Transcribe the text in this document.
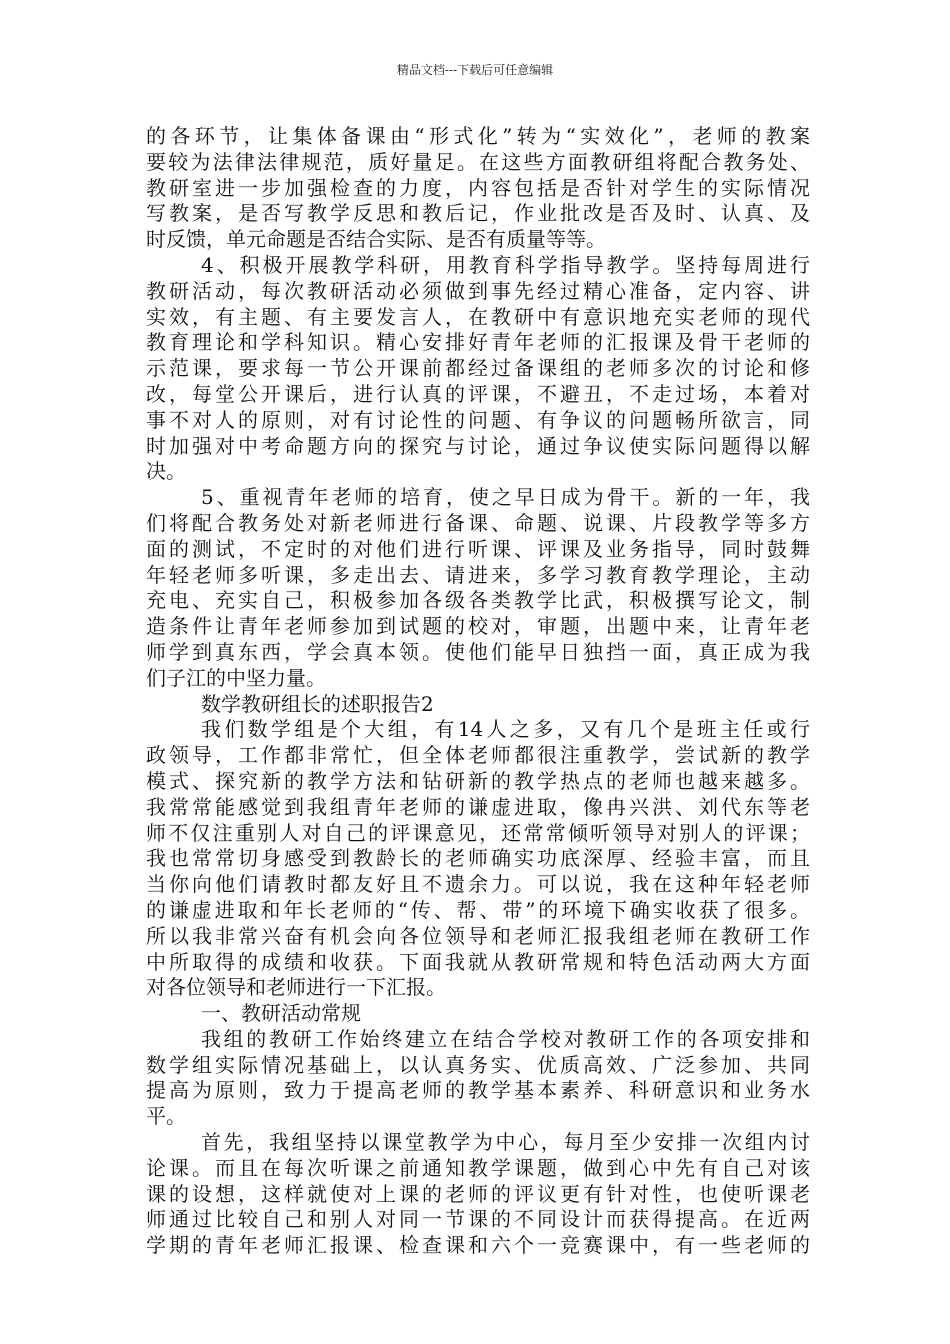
精品文档---下载后可任意编辑
的各环节，让集体备课由“形式化”转为“实效化”，老师的教案
要较为法律法律规范，质好量足。在这些方面教研组将配合教务处、
教研室进一步加强检查的力度，内容包括是否针对学生的实际情况
写教案，是否写教学反思和教后记，作业批改是否及时、认真、及
时反馈，单元命题是否结合实际、是否有质量等等。
4、积极开展教学科研，用教育科学指导教学。坚持每周进行
教研活动，每次教研活动必须做到事先经过精心准备，定内容、讲
实效，有主题、有主要发言人，在教研中有意识地充实老师的现代
教育理论和学科知识。精心安排好青年老师的汇报课及骨干老师的
示范课，要求每一节公开课前都经过备课组的老师多次的讨论和修
改，每堂公开课后，进行认真的评课，不避丑，不走过场，本着对
事不对人的原则，对有讨论性的问题、有争议的问题畅所欲言，同
时加强对中考命题方向的探究与讨论，通过争议使实际问题得以解
决。
5、重视青年老师的培育，使之早日成为骨干。新的一年，我
们将配合教务处对新老师进行备课、命题、说课、片段教学等多方
面的测试，不定时的对他们进行听课、评课及业务指导，同时鼓舞
年轻老师多听课，多走出去、请进来，多学习教育教学理论，主动
充电、充实自己，积极参加各级各类教学比武，积极撰写论文，制
造条件让青年老师参加到试题的校对，审题，出题中来，让青年老
师学到真东西，学会真本领。使他们能早日独挡一面，真正成为我
们子江的中坚力量。
数学教研组长的述职报告2
我们数学组是个大组，有14人之多，又有几个是班主任或行
政领导，工作都非常忙，但全体老师都很注重教学，尝试新的教学
模式、探究新的教学方法和钻研新的教学热点的老师也越来越多。
我常常能感觉到我组青年老师的谦虚进取，像冉兴洪、刘代东等老
师不仅注重别人对自己的评课意见，还常常倾听领导对别人的评课；
我也常常切身感受到教龄长的老师确实功底深厚、经验丰富，而且
当你向他们请教时都友好且不遗余力。可以说，我在这种年轻老师
的谦虚进取和年长老师的“传、帮、带”的环境下确实收获了很多。
所以我非常兴奋有机会向各位领导和老师汇报我组老师在教研工作
中所取得的成绩和收获。下面我就从教研常规和特色活动两大方面
对各位领导和老师进行一下汇报。
一、教研活动常规
我组的教研工作始终建立在结合学校对教研工作的各项安排和
数学组实际情况基础上，以认真务实、优质高效、广泛参加、共同
提高为原则，致力于提高老师的教学基本素养、科研意识和业务水
平。
首先，我组坚持以课堂教学为中心，每月至少安排一次组内讨
论课。而且在每次听课之前通知教学课题，做到心中先有自己对该
课的设想，这样就使对上课的老师的评议更有针对性，也使听课老
师通过比较自己和别人对同一节课的不同设计而获得提高。在近两
学期的青年老师汇报课、检查课和六个一竞赛课中，有一些老师的
